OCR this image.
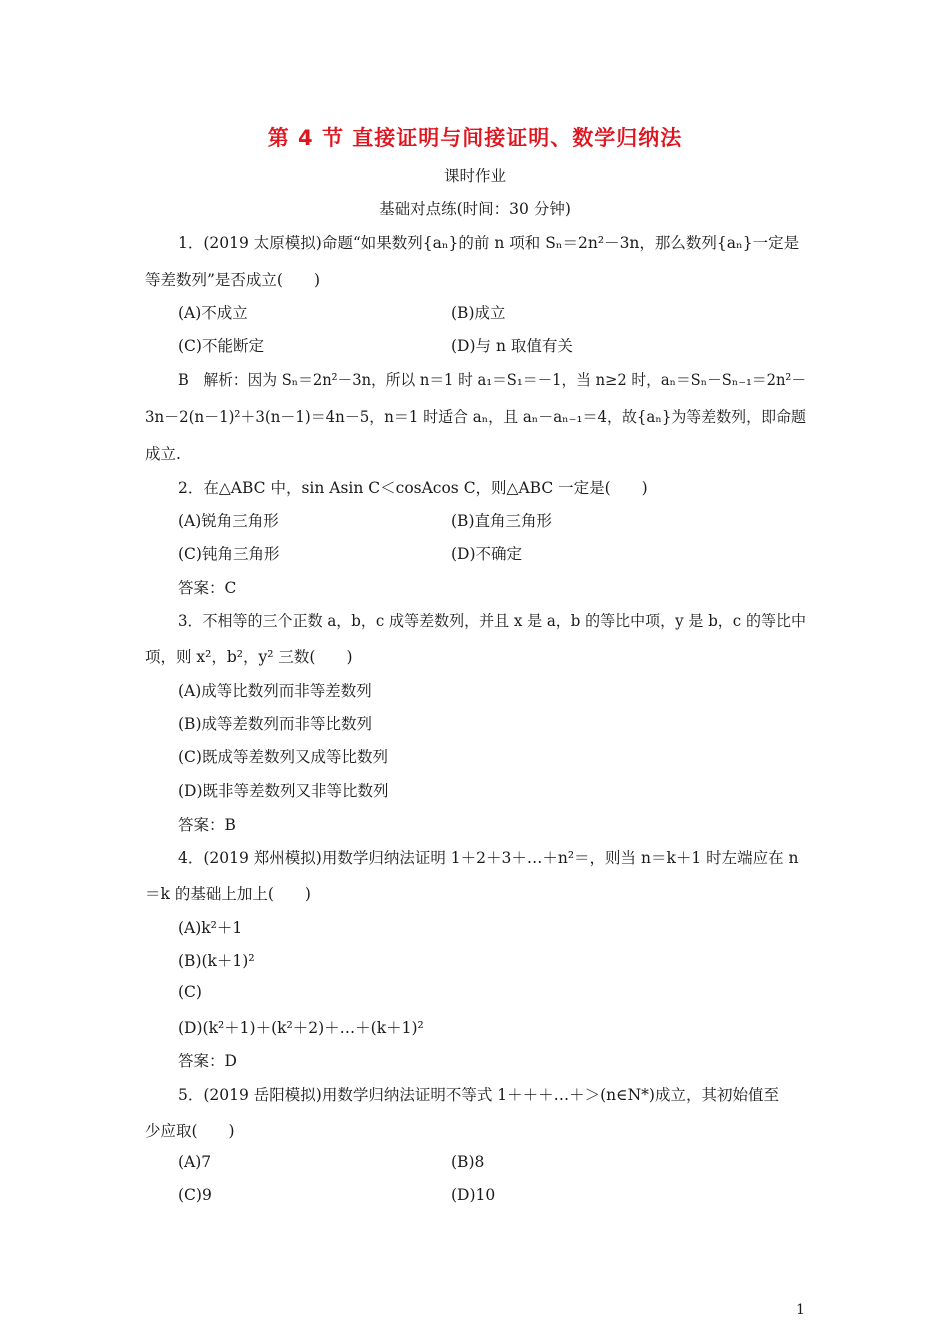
第 4 节 直接证明与间接证明、数学归纳法
课时作业
基础对点练(时间：30 分钟)
1．(2019 太原模拟)命题“如果数列{aₙ}的前 n 项和 Sₙ＝2n²－3n，那么数列{aₙ}一定是
等差数列”是否成立(　　)
(A)不成立	(B)成立
(C)不能断定	(D)与 n 取值有关
B　解析：因为 Sₙ＝2n²－3n，所以 n＝1 时 a₁＝S₁＝－1，当 n≥2 时，aₙ＝Sₙ－Sₙ₋₁＝2n²－
3n－2(n－1)²＋3(n－1)＝4n－5，n＝1 时适合 aₙ，且 aₙ－aₙ₋₁＝4，故{aₙ}为等差数列，即命题
成立.
2．在△ABC 中，sin Asin C＜cosAcos C，则△ABC 一定是(　　)
(A)锐角三角形	(B)直角三角形
(C)钝角三角形	(D)不确定
答案：C
3．不相等的三个正数 a，b，c 成等差数列，并且 x 是 a，b 的等比中项，y 是 b，c 的等比中
项，则 x²，b²，y² 三数(　　)
(A)成等比数列而非等差数列
(B)成等差数列而非等比数列
(C)既成等差数列又成等比数列
(D)既非等差数列又非等比数列
答案：B
4．(2019 郑州模拟)用数学归纳法证明 1＋2＋3＋…＋n²＝，则当 n＝k＋1 时左端应在 n
＝k 的基础上加上(　　)
(A)k²＋1
(B)(k＋1)²
(C)
(D)(k²＋1)＋(k²＋2)＋…＋(k＋1)²
答案：D
5．(2019 岳阳模拟)用数学归纳法证明不等式 1＋＋＋…＋＞(n∈N*)成立，其初始值至
少应取(　　)
(A)7	(B)8
(C)9	(D)10
1
